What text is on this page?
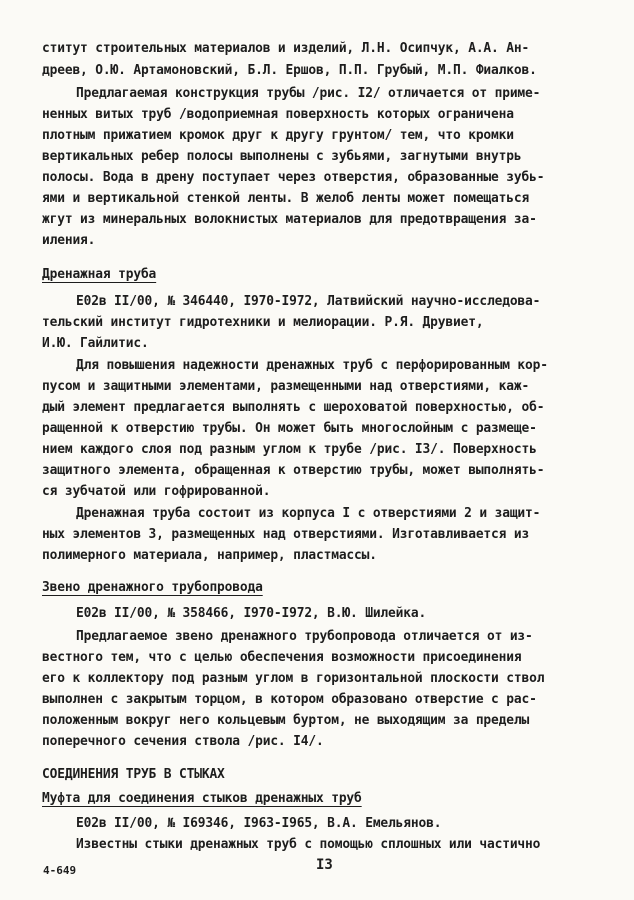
ститут строительных материалов и изделий, Л.Н. Осипчук, А.А. Ан-
дреев, О.Ю. Артамоновский, Б.Л. Ершов, П.П. Грубый, М.П. Фиалков.
Предлагаемая конструкция трубы /рис. I2/ отличается от приме-
ненных витых труб /водоприемная поверхность которых ограничена
плотным прижатием кромок друг к другу грунтом/ тем, что кромки
вертикальных ребер полосы выполнены с зубьями, загнутыми внутрь
полосы. Вода в дрену поступает через отверстия, образованные зубь-
ями и вертикальной стенкой ленты. В желоб ленты может помещаться
жгут из минеральных волокнистых материалов для предотвращения за-
иления.
Дренажная труба
Е02в II/00, № 346440, I970-I972, Латвийский научно-исследова-
тельский институт гидротехники и мелиорации. Р.Я. Друвиет,
И.Ю. Гайлитис.
Для повышения надежности дренажных труб с перфорированным кор-
пусом и защитными элементами, размещенными над отверстиями, каж-
дый элемент предлагается выполнять с шероховатой поверхностью, об-
ращенной к отверстию трубы. Он может быть многослойным с размеще-
нием каждого слоя под разным углом к трубе /рис. I3/. Поверхность
защитного элемента, обращенная к отверстию трубы, может выполнять-
ся зубчатой или гофрированной.
Дренажная труба состоит из корпуса I с отверстиями 2 и защит-
ных элементов 3, размещенных над отверстиями. Изготавливается из
полимерного материала, например, пластмассы.
Звено дренажного трубопровода
Е02в II/00, № 358466, I970-I972, В.Ю. Шилейка.
Предлагаемое звено дренажного трубопровода отличается от из-
вестного тем, что с целью обеспечения возможности присоединения
его к коллектору под разным углом в горизонтальной плоскости ствол
выполнен с закрытым торцом, в котором образовано отверстие с рас-
положенным вокруг него кольцевым буртом, не выходящим за пределы
поперечного сечения ствола /рис. I4/.
СОЕДИНЕНИЯ ТРУБ В СТЫКАХ
Муфта для соединения стыков дренажных труб
Е02в II/00, № I69346, I963-I965, В.А. Емельянов.
Известны стыки дренажных труб с помощью сплошных или частично
4-649	I3
